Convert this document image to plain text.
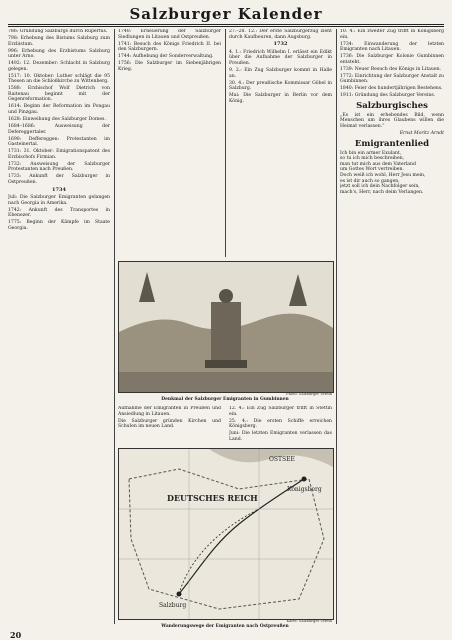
Salzburger Kalender

786: Gründung Salzburgs durch Rupertus.

798: Erhebung des Bistums Salzburg zum Erzbistum.

996: Erhebung des Erzbistums Salzburg unter Arno.

1492: 12. Dezember: Schlacht in Salzburg gelegen.

1517: 10. Oktober: Luther schlägt die 95 Thesen an die Schloßkirche zu Wittenberg.

1588: Erzbischof Wolf Dietrich von Raitenau beginnt mit der Gegenreformation.

1614: Beginn der Reformation im Pongau und Pinzgau.

1628: Einweihung des Salzburger Domes.

1684–1686: Ausweisung der Defereggertaler.

1690: Deffereggen: Protestanten im Gasteinertal.

1731: 31. Oktober: Emigrationspatent des Erzbischofs Firmian.

1732: Ausweisung der Salzburger Protestanten nach Preußen.

1733: Ankunft der Salzburger in Ostpreußen.

1734

Juli: Die Salzburger Emigranten gelangen nach Georgia in Amerika.

1742: Ankunft des Transportes in Ebenezer.

1775: Beginn der Kämpfe im Staate Georgia.

1740: Erneuerung der Salzburger Siedlungen in Litauen und Ostpreußen.

1741: Besuch des Königs Friedrich II. bei den Salzburgern.

1744: Aufhebung der Sonderverwaltung.

1756: Die Salzburger im Siebenjährigen Krieg.

27.–28. 12.: Der erste Salzburgerzug zieht durch Kaufbeuren, dann Augsburg.

1732

4. 1.: Friedrich Wilhelm I. erlässt ein Edikt über die Aufnahme der Salzburger in Preußen.

9. 2.: Ein Zug Salzburger kommt in Halle an.

30. 4.: Der preußische Kommissar Göbel in Salzburg.

Mai: Die Salzburger in Berlin vor dem König.

10. 4.: Ein zweiter Zug trifft in Königsberg ein.

1734: Einwanderung der letzten Emigranten nach Litauen.

1736: Die Salzburger Kolonie Gumbinnen entsteht.

1739: Neuer Besuch des Königs in Litauen.

1772: Einrichtung der Salzburger Anstalt zu Gumbinnen.

1840: Feier des hundertjährigen Bestehens.

1911: Gründung des Salzburger Vereins.

Salzburgisches

„Es ist ein erhebendes Bild, wenn Menschen um ihres Glaubens willen die Heimat verlassen.“

Ernst Moritz Arndt
Emigrantenlied

Ich bin ein armer Exulant,

so tu ich mich beschreiben,

man tut mich aus dem Vaterland

um Gottes Wort vertreiben.

Doch weiß ich wohl, Herr Jesu mein,

es ist dir auch so gangen,

jetzt soll ich dein Nachfolger sein,

mach's, Herr, nach deim Verlangen.

Photo: Salzburger Verein
Denkmal der Salzburger Emigranten in Gumbinnen

Aufnahme der Emigranten in Preußen und Ansiedlung in Litauen.

Die Salzburger gründen Kirchen und Schulen im neuen Land.

12. 4.: Ein Zug Salzburger trifft in Stettin ein.

25. 4.: Die ersten Schiffe erreichen Königsberg.

Juni: Die letzten Emigranten verlassen das Land.

DEUTSCHES REICH
OSTSEE
Salzburg
Königsberg
Karte: Salzburger Verein
Wanderungswege der Emigranten nach Ostpreußen
20
